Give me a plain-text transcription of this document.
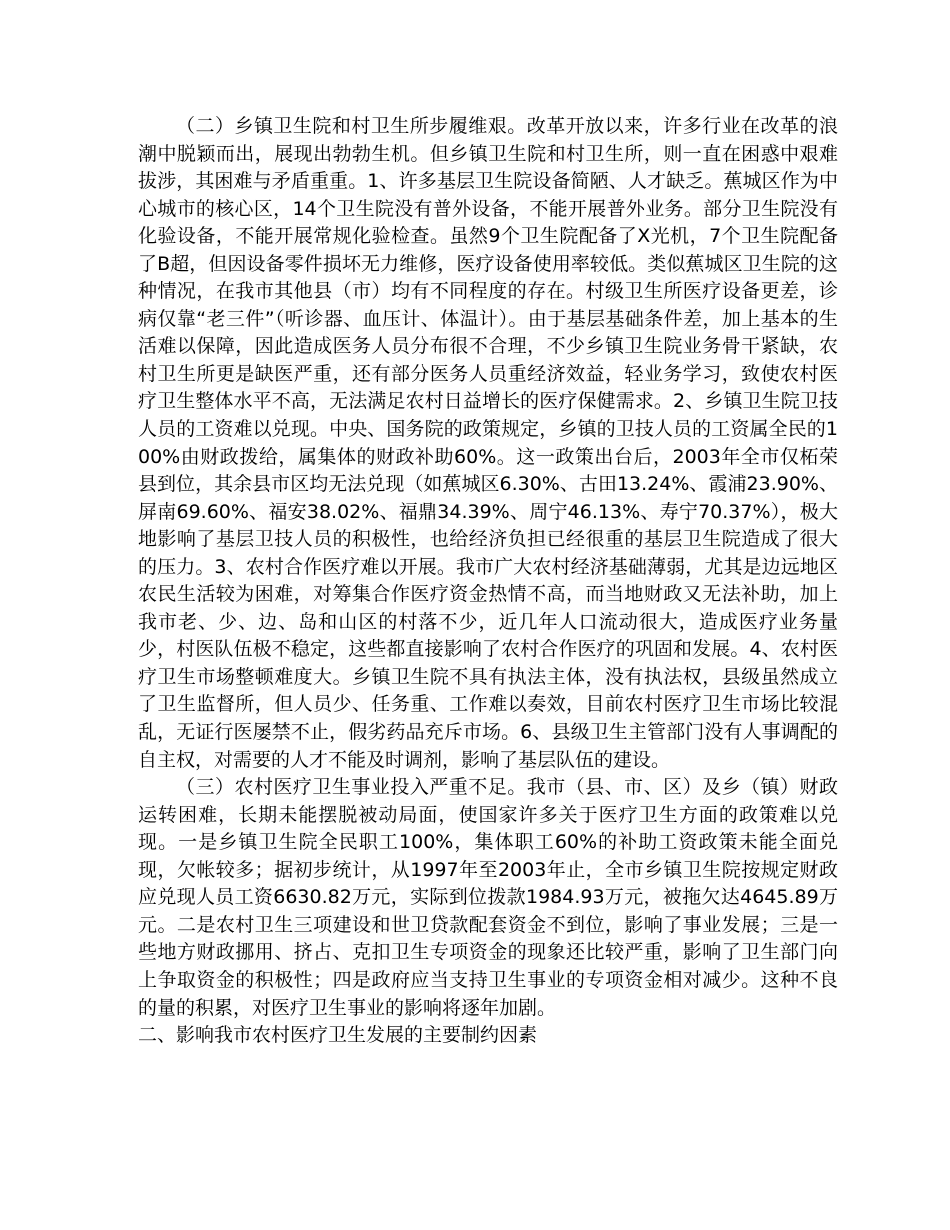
（二）乡镇卫生院和村卫生所步履维艰。改革开放以来，许多行业在改革的浪潮中脱颖而出，展现出勃勃生机。但乡镇卫生院和村卫生所，则一直在困惑中艰难拔涉，其困难与矛盾重重。1、许多基层卫生院设备简陋、人才缺乏。蕉城区作为中心城市的核心区，14个卫生院没有普外设备，不能开展普外业务。部分卫生院没有化验设备，不能开展常规化验检查。虽然9个卫生院配备了X光机，7个卫生院配备了B超，但因设备零件损坏无力维修，医疗设备使用率较低。类似蕉城区卫生院的这种情况，在我市其他县（市）均有不同程度的存在。村级卫生所医疗设备更差，诊病仅靠“老三件”（听诊器、血压计、体温计）。由于基层基础条件差，加上基本的生活难以保障，因此造成医务人员分布很不合理，不少乡镇卫生院业务骨干紧缺，农村卫生所更是缺医严重，还有部分医务人员重经济效益，轻业务学习，致使农村医疗卫生整体水平不高，无法满足农村日益增长的医疗保健需求。2、乡镇卫生院卫技人员的工资难以兑现。中央、国务院的政策规定，乡镇的卫技人员的工资属全民的100%由财政拨给，属集体的财政补助60%。这一政策出台后，2003年全市仅柘荣县到位，其余县市区均无法兑现（如蕉城区6.30%、古田13.24%、霞浦23.90%、屏南69.60%、福安38.02%、福鼎34.39%、周宁46.13%、寿宁70.37%），极大地影响了基层卫技人员的积极性，也给经济负担已经很重的基层卫生院造成了很大的压力。3、农村合作医疗难以开展。我市广大农村经济基础薄弱，尤其是边远地区农民生活较为困难，对筹集合作医疗资金热情不高，而当地财政又无法补助，加上我市老、少、边、岛和山区的村落不少，近几年人口流动很大，造成医疗业务量少，村医队伍极不稳定，这些都直接影响了农村合作医疗的巩固和发展。4、农村医疗卫生市场整顿难度大。乡镇卫生院不具有执法主体，没有执法权，县级虽然成立了卫生监督所，但人员少、任务重、工作难以奏效，目前农村医疗卫生市场比较混乱，无证行医屡禁不止，假劣药品充斥市场。6、县级卫生主管部门没有人事调配的自主权，对需要的人才不能及时调剂，影响了基层队伍的建设。

（三）农村医疗卫生事业投入严重不足。我市（县、市、区）及乡（镇）财政运转困难，长期未能摆脱被动局面，使国家许多关于医疗卫生方面的政策难以兑现。一是乡镇卫生院全民职工100%，集体职工60%的补助工资政策未能全面兑现，欠帐较多；据初步统计，从1997年至2003年止，全市乡镇卫生院按规定财政应兑现人员工资6630.82万元，实际到位拨款1984.93万元，被拖欠达4645.89万元。二是农村卫生三项建设和世卫贷款配套资金不到位，影响了事业发展；三是一些地方财政挪用、挤占、克扣卫生专项资金的现象还比较严重，影响了卫生部门向上争取资金的积极性；四是政府应当支持卫生事业的专项资金相对减少。这种不良的量的积累，对医疗卫生事业的影响将逐年加剧。

二、影响我市农村医疗卫生发展的主要制约因素
